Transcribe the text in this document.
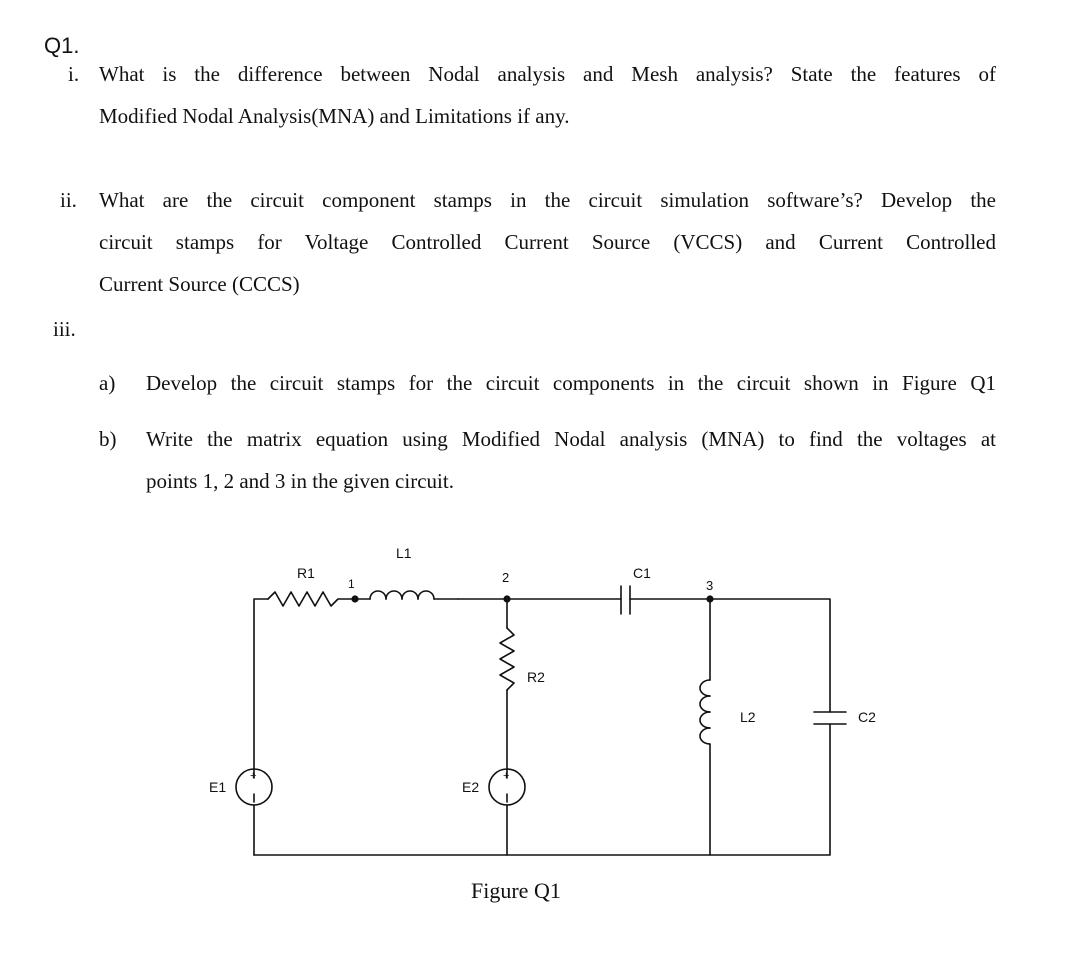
Q1.
i. What is the difference between Nodal analysis and Mesh analysis? State the features of
Modified Nodal Analysis(MNA) and Limitations if any.
ii. What are the circuit component stamps in the circuit simulation software’s? Develop the
circuit stamps for Voltage Controlled Current Source (VCCS) and Current Controlled
Current Source (CCCS)
iii.
a) Develop the circuit stamps for the circuit components in the circuit shown in Figure Q1
b) Write the matrix equation using Modified Nodal analysis (MNA) to find the voltages at
points 1, 2 and 3 in the given circuit.
L1
R1
1	2	C1
3
R2
L2	C2
E1	E2
+	+
Figure Q1
